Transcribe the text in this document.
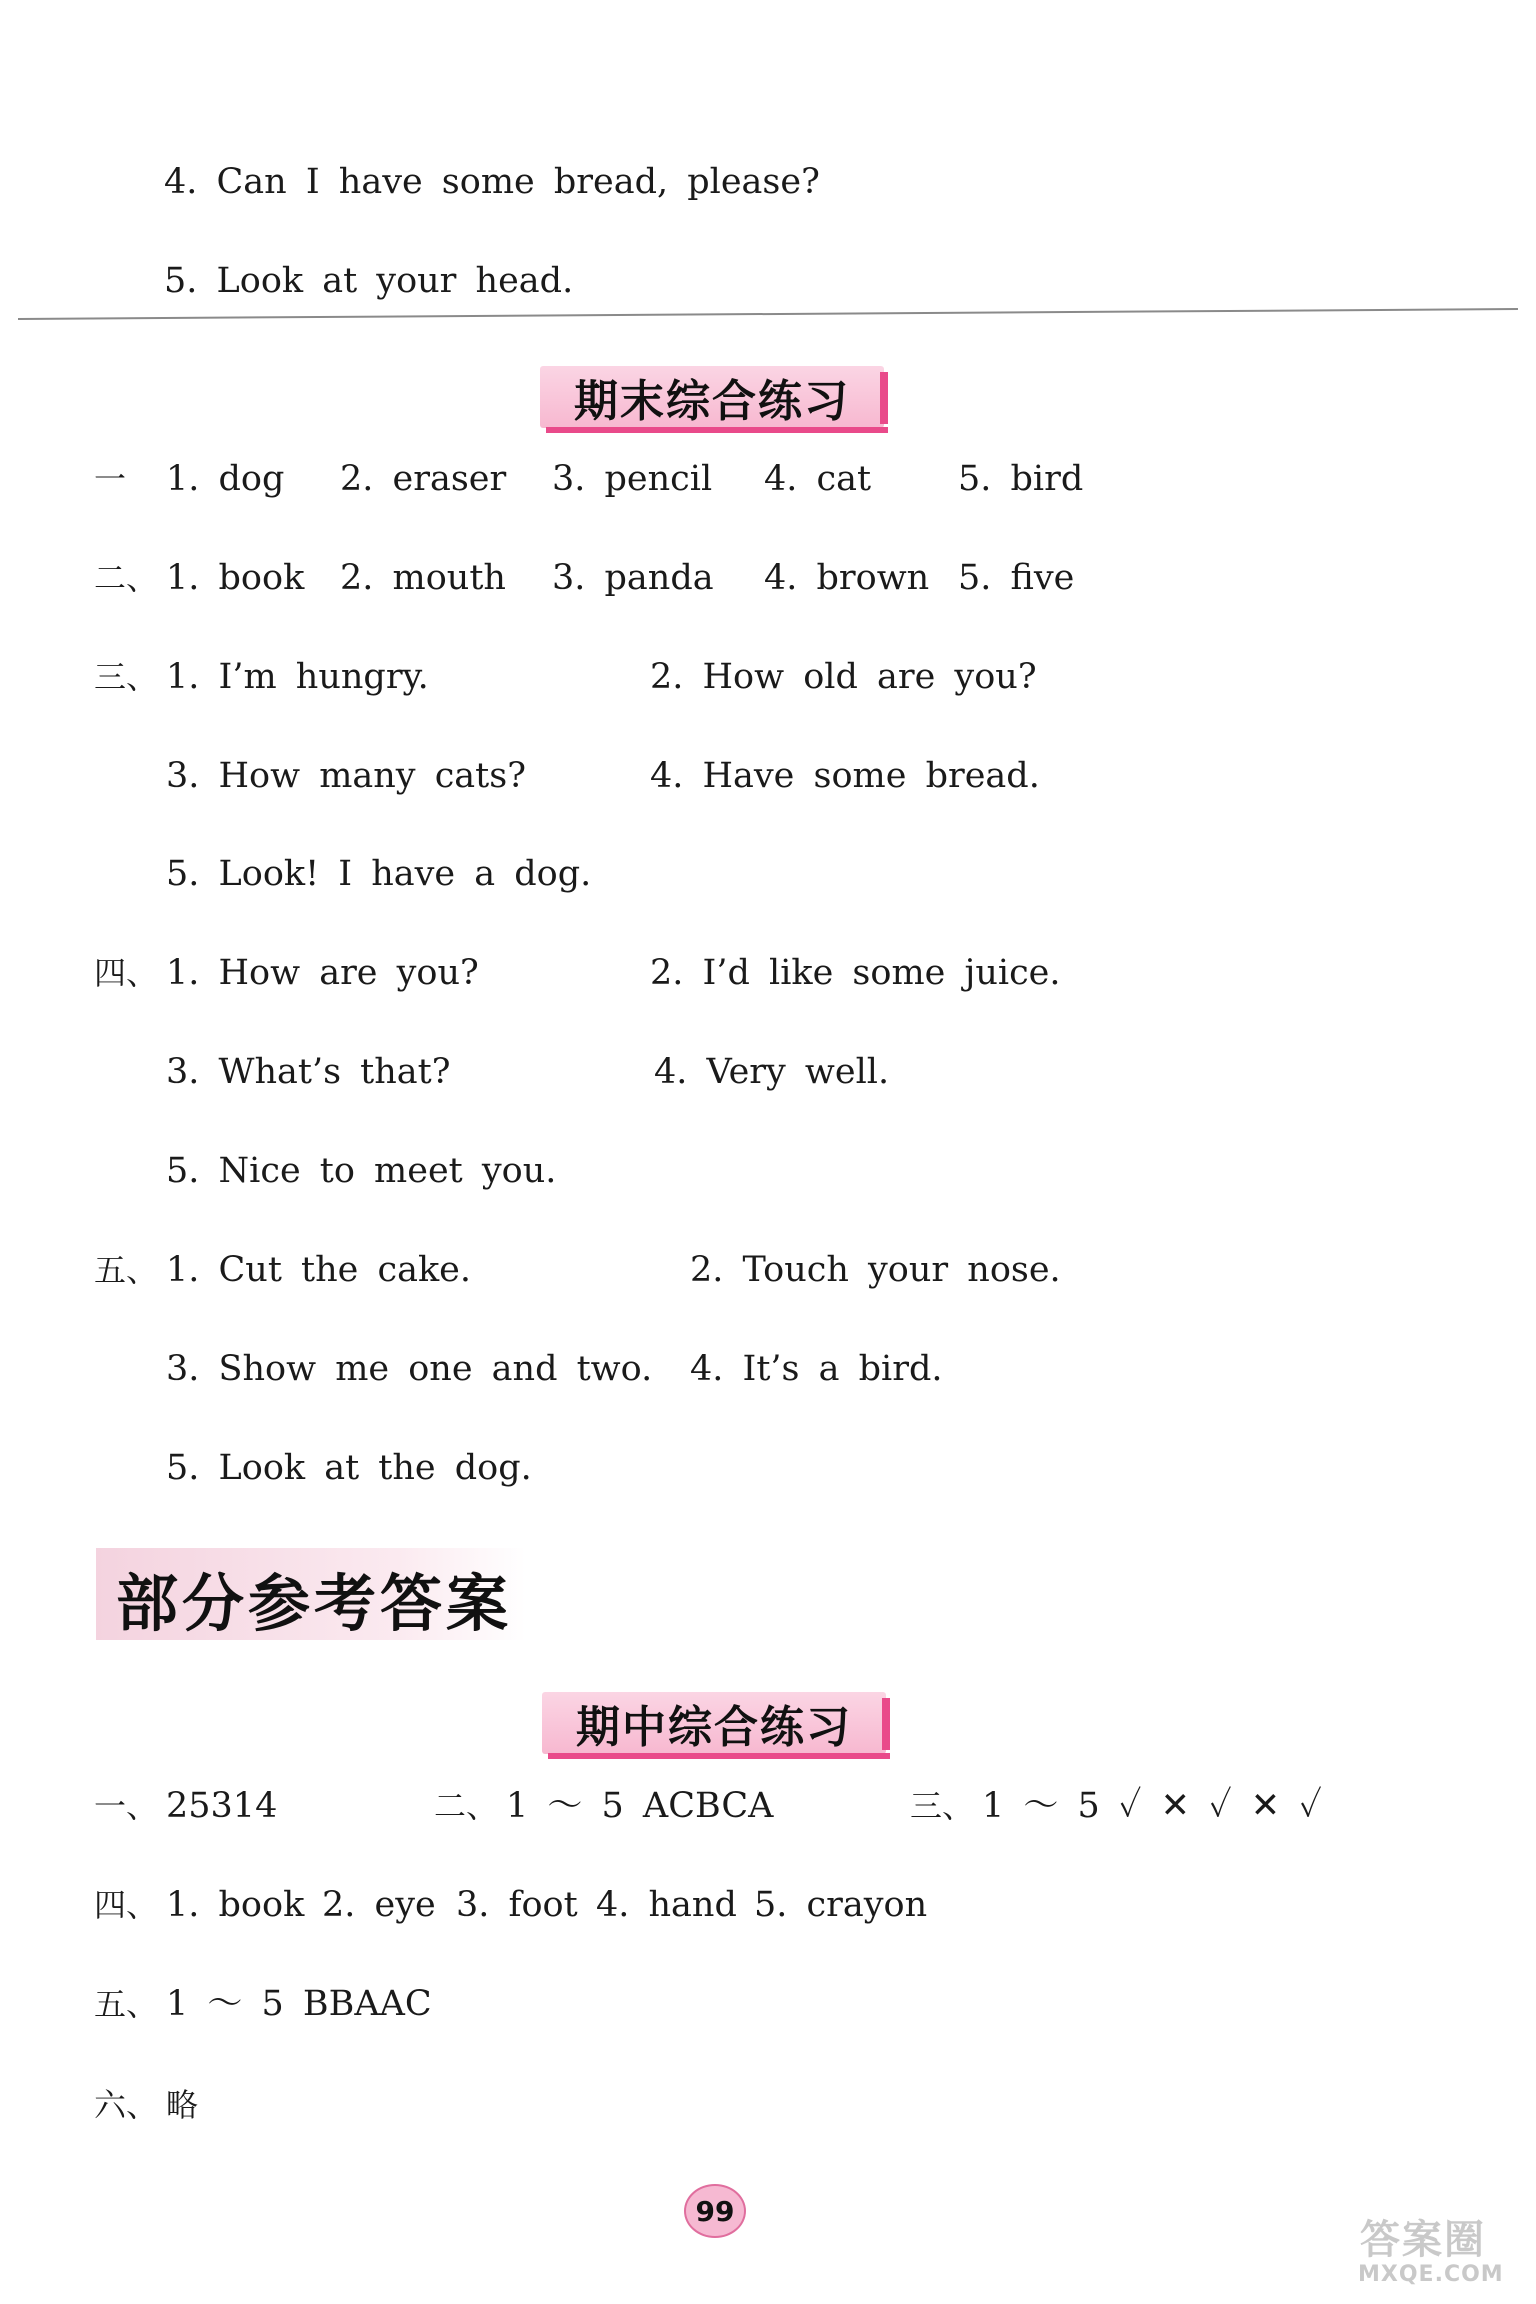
4. Can I have some bread, please?
5. Look at your head.
期末综合练习
一 1. dog 2. eraser 3. pencil 4. cat 5. bird
二、 1. book 2. mouth 3. panda 4. brown 5. five
三、 1. I’m hungry.	2. How old are you?
3. How many cats?	4. Have some bread.
5. Look! I have a dog.
四、 1. How are you?	2. I’d like some juice.
3. What’s that?	4. Very well.
5. Nice to meet you.
五、 1. Cut the cake.	2. Touch your nose.
3. Show me one and two. 4. It’s a bird.
5. Look at the dog.
部分参考答案
期中综合练习
一、 25314	二、 1 ～ 5 ACBCA	三、 1 ～ 5 ✓ ✕ ✓ ✕ ✓
四、 1. book 2. eye 3. foot 4. hand 5. crayon
五、 1 ～ 5 BBAAC
六、 略
99
答案圈
MXQE.COM
